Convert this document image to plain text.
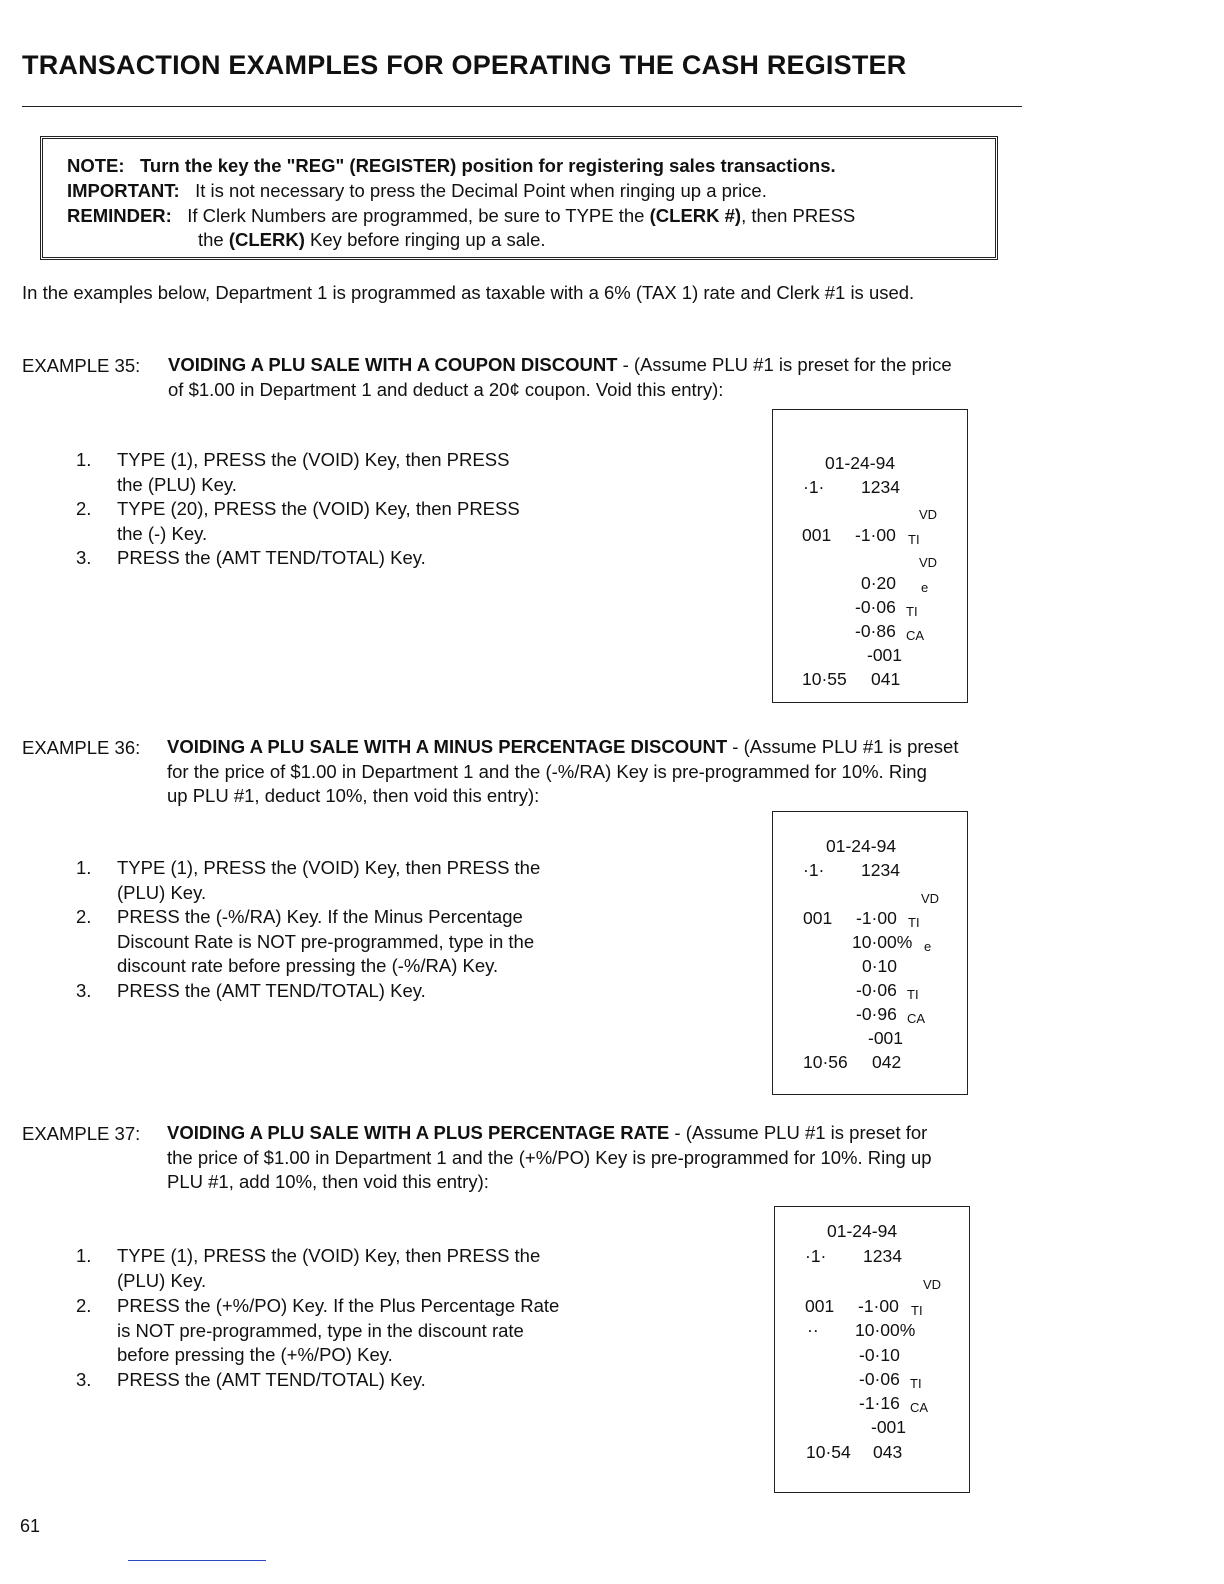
TRANSACTION EXAMPLES FOR OPERATING THE CASH REGISTER
NOTE: Turn the key the "REG" (REGISTER) position for registering sales transactions.
IMPORTANT: It is not necessary to press the Decimal Point when ringing up a price.
REMINDER: If Clerk Numbers are programmed, be sure to TYPE the (CLERK #), then PRESS
the (CLERK) Key before ringing up a sale.
In the examples below, Department 1 is programmed as taxable with a 6% (TAX 1) rate and Clerk #1 is used.
EXAMPLE 35: VOIDING A PLU SALE WITH A COUPON DISCOUNT - (Assume PLU #1 is preset for the price
of $1.00 in Department 1 and deduct a 20¢ coupon. Void this entry):
1. TYPE (1), PRESS the (VOID) Key, then PRESS
the (PLU) Key.
2. TYPE (20), PRESS the (VOID) Key, then PRESS
the (-) Key.
3. PRESS the (AMT TEND/TOTAL) Key.
01-24-94
·1· 1234
VD
001 -1·00 TI
VD
0·20 e
-0·06 TI
-0·86 CA
-001
10·55 041
EXAMPLE 36: VOIDING A PLU SALE WITH A MINUS PERCENTAGE DISCOUNT - (Assume PLU #1 is preset
for the price of $1.00 in Department 1 and the (-%/RA) Key is pre-programmed for 10%. Ring
up PLU #1, deduct 10%, then void this entry):
1. TYPE (1), PRESS the (VOID) Key, then PRESS the
(PLU) Key.
2. PRESS the (-%/RA) Key. If the Minus Percentage
Discount Rate is NOT pre-programmed, type in the
discount rate before pressing the (-%/RA) Key.
3. PRESS the (AMT TEND/TOTAL) Key.
01-24-94
·1· 1234
VD
001 -1·00 TI
10·00% e
0·10
-0·06 TI
-0·96 CA
-001
10·56 042
EXAMPLE 37: VOIDING A PLU SALE WITH A PLUS PERCENTAGE RATE - (Assume PLU #1 is preset for
the price of $1.00 in Department 1 and the (+%/PO) Key is pre-programmed for 10%. Ring up
PLU #1, add 10%, then void this entry):
1. TYPE (1), PRESS the (VOID) Key, then PRESS the
(PLU) Key.
2. PRESS the (+%/PO) Key. If the Plus Percentage Rate
is NOT pre-programmed, type in the discount rate
before pressing the (+%/PO) Key.
3. PRESS the (AMT TEND/TOTAL) Key.
01-24-94
·1· 1234
VD
001 -1·00 TI
·· 10·00%
-0·10
-0·06 TI
-1·16 CA
-001
10·54 043
61
